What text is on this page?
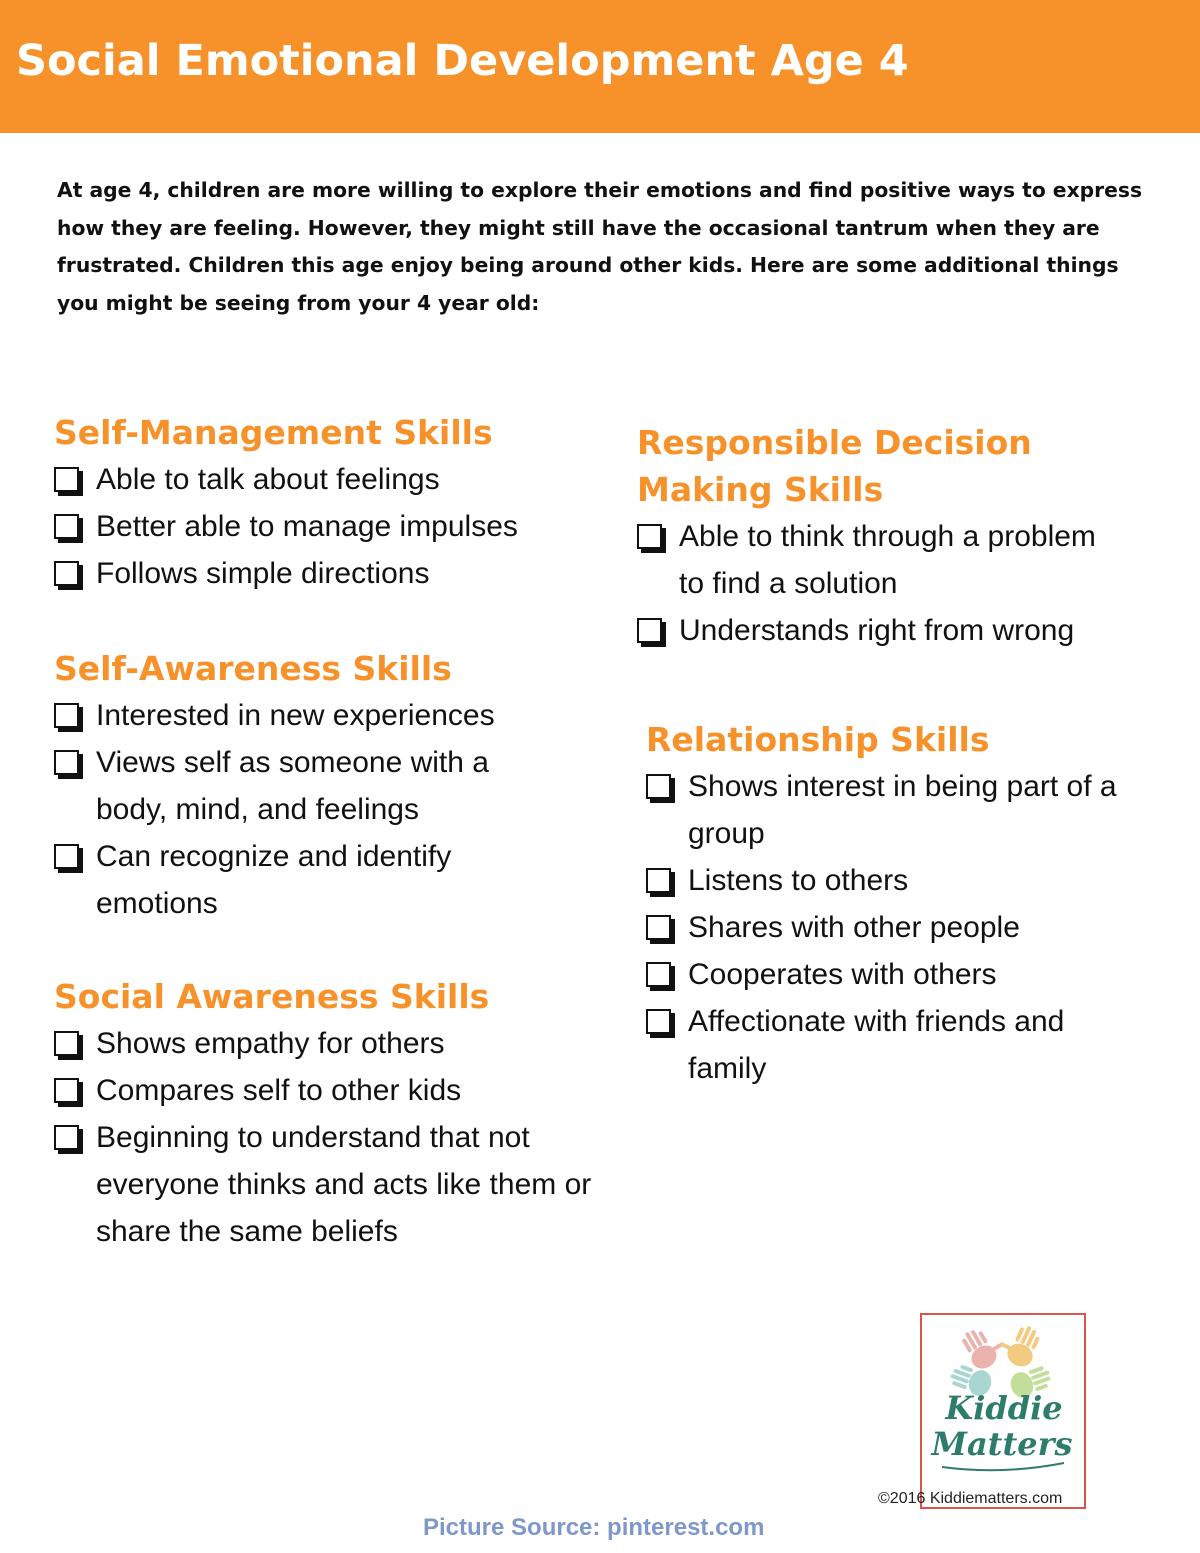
Social Emotional Development Age 4

At age 4, children are more willing to explore their emotions and find positive ways to express how they are feeling. However, they might still have the occasional tantrum when they are frustrated. Children this age enjoy being around other kids. Here are some additional things you might be seeing from your 4 year old:

Self-Management Skills
Able to talk about feelings
Better able to manage impulses
Follows simple directions
Self-Awareness Skills
Interested in new experiences
Views self as someone with a body, mind, and feelings
Can recognize and identify emotions
Social Awareness Skills
Shows empathy for others
Compares self to other kids
Beginning to understand that not everyone thinks and acts like them or share the same beliefs
Responsible Decision Making Skills
Able to think through a problem to find a solution
Understands right from wrong
Relationship Skills
Shows interest in being part of a group
Listens to others
Shares with other people
Cooperates with others
Affectionate with friends and family
Kiddie
Matters

©2016 Kiddiematters.com

Picture Source: pinterest.com
